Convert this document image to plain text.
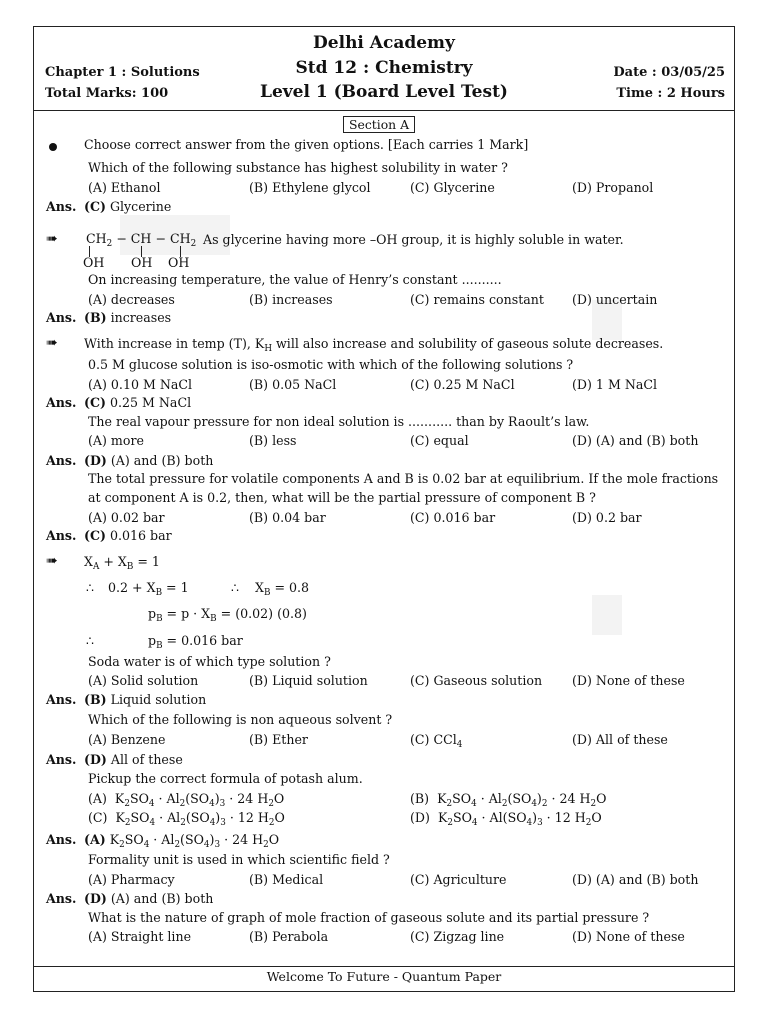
Delhi Academy
Std 12 : Chemistry
Level 1 (Board Level Test)
Chapter 1 : Solutions
Total Marks: 100
Date : 03/05/25
Time : 2 Hours
Section A
Choose correct answer from the given options. [Each carries 1 Mark]
Which of the following substance has highest solubility in water ?
(A) Ethanol	(B) Ethylene glycol	(C) Glycerine	(D) Propanol
Ans. (C) Glycerine
➠ $CH_2$ − CH − $CH_2$
OH OH OH
As glycerine having more –OH group, it is highly soluble in water.
On increasing temperature, the value of Henry’s constant ..........
(A) decreases	(B) increases	(C) remains constant (D) uncertain
Ans. (B) increases
➠ With increase in temp (T), $K_H$ will also increase and solubility of gaseous solute decreases.
0.5 M glucose solution is iso-osmotic with which of the following solutions ?
(A) 0.10 M NaCl	(B) 0.05 NaCl	(C) 0.25 M NaCl	(D) 1 M NaCl
Ans. (C) 0.25 M NaCl
The real vapour pressure for non ideal solution is ........... than by Raoult’s law.
(A) more	(B) less	(C) equal	(D) (A) and (B) both
Ans. (D) (A) and (B) both
The total pressure for volatile components A and B is 0.02 bar at equilibrium. If the mole fractions
at component A is 0.2, then, what will be the partial pressure of component B ?
(A) 0.02 bar	(B) 0.04 bar	(C) 0.016 bar	(D) 0.2 bar
Ans. (C) 0.016 bar
➠ $X_A + X_B = 1$
∴ $0.2 + X_B = 1$	∴ $X_B = 0.8$
$p_B = p \cdot X_B = (0.02)$ (0.8)
∴	$p_B = 0.016$ bar
Soda water is of which type solution ?
(A) Solid solution	(B) Liquid solution	(C) Gaseous solution (D) None of these
Ans. (B) Liquid solution
Which of the following is non aqueous solvent ?
(A) Benzene	(B) Ether	(C) CCl$_4$	(D) All of these
Ans. (D) All of these
Pickup the correct formula of potash alum.
(A)  $K_2SO_4 \cdot Al_2(SO_4)_3 \cdot 24$ $H_2O$	(B)  $K_2SO_4 \cdot Al_2(SO_4)_2 \cdot 24$ $H_2O$
(C)  $K_2SO_4 \cdot Al_2(SO_4)_3 \cdot 12$ $H_2O$	(D)  $K_2SO_4 \cdot Al(SO_4)_3 \cdot 12$ $H_2O$
Ans. (A) $K_2SO_4 \cdot Al_2(SO_4)_3 \cdot 24$ $H_2O$
Formality unit is used in which scientific field ?
(A) Pharmacy	(B) Medical	(C) Agriculture	(D) (A) and (B) both
Ans. (D) (A) and (B) both
What is the nature of graph of mole fraction of gaseous solute and its partial pressure ?
(A) Straight line	(B) Perabola	(C) Zigzag line	(D) None of these
Welcome To Future - Quantum Paper
